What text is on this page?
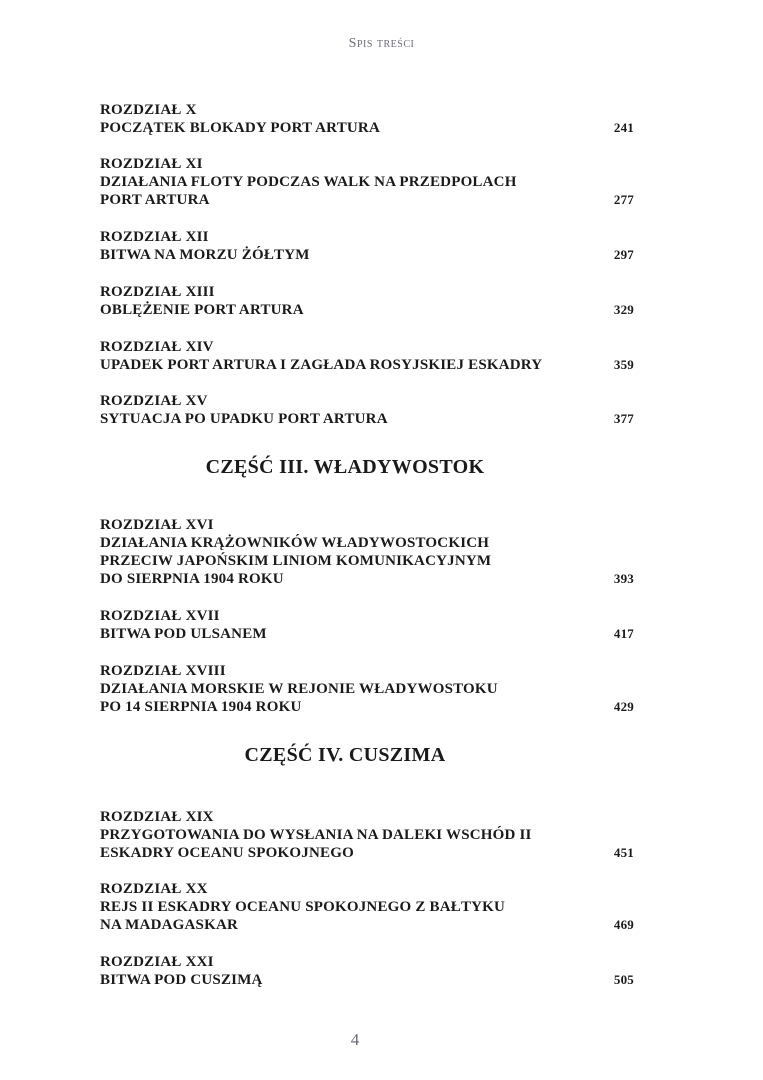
Spis treści
ROZDZIAŁ X
POCZĄTEK BLOKADY PORT ARTURA	241
ROZDZIAŁ XI
DZIAŁANIA FLOTY PODCZAS WALK NA PRZEDPOLACH
PORT ARTURA	277
ROZDZIAŁ XII
BITWA NA MORZU ŻÓŁTYM	297
ROZDZIAŁ XIII
OBLĘŻENIE PORT ARTURA	329
ROZDZIAŁ XIV
UPADEK PORT ARTURA I ZAGŁADA ROSYJSKIEJ ESKADRY	359
ROZDZIAŁ XV
SYTUACJA PO UPADKU PORT ARTURA	377
ROZDZIAŁ XVI
DZIAŁANIA KRĄŻOWNIKÓW WŁADYWOSTOCKICH
PRZECIW JAPOŃSKIM LINIOM KOMUNIKACYJNYM
DO SIERPNIA 1904 ROKU	393
ROZDZIAŁ XVII
BITWA POD ULSANEM	417
ROZDZIAŁ XVIII
DZIAŁANIA MORSKIE W REJONIE WŁADYWOSTOKU
PO 14 SIERPNIA 1904 ROKU	429
ROZDZIAŁ XIX
PRZYGOTOWANIA DO WYSŁANIA NA DALEKI WSCHÓD II
ESKADRY OCEANU SPOKOJNEGO	451
ROZDZIAŁ XX
REJS II ESKADRY OCEANU SPOKOJNEGO Z BAŁTYKU
NA MADAGASKAR	469
ROZDZIAŁ XXI
BITWA POD CUSZIMĄ	505
CZĘŚĆ III. WŁADYWOSTOK
CZĘŚĆ IV. CUSZIMA
4
